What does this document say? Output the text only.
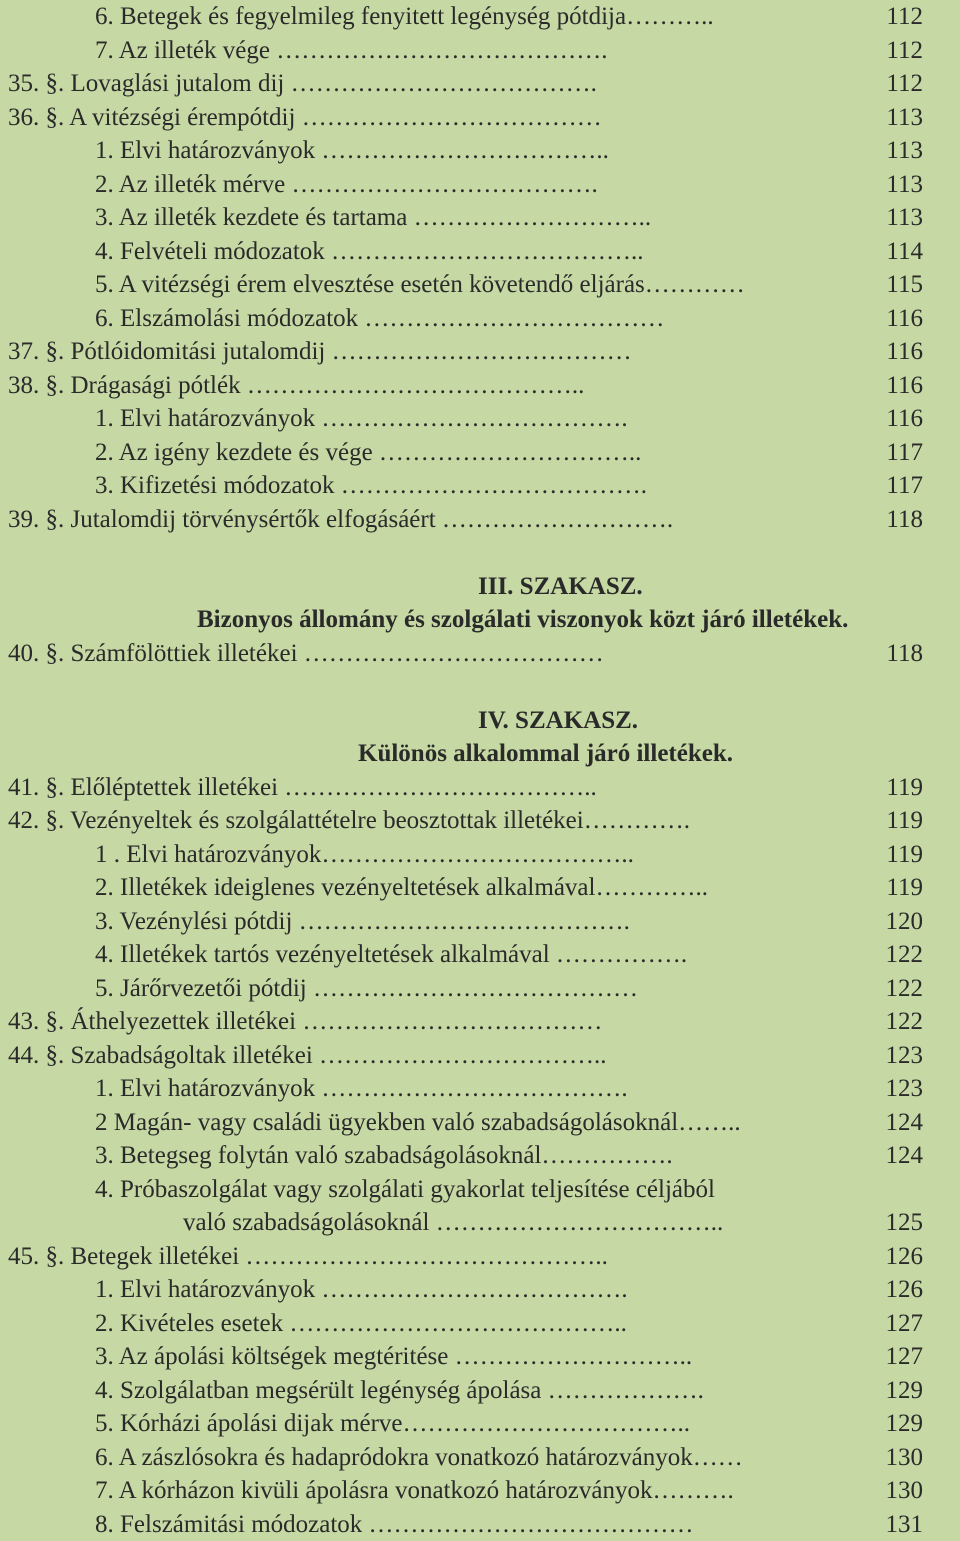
6. Betegek és fegyelmileg fenyitett legénység pótdija………..	112
7. Az illeték vége ………………………………….	112
35. §. Lovaglási jutalom dij ……………………………….	112
36. §. A vitézségi érempótdij ………………………………	113
1. Elvi határozványok ……………………………..	113
2. Az illeték mérve ……………………………….	113
3. Az illeték kezdete és tartama ………………………..	113
4. Felvételi módozatok ………………………………..	114
5. A vitézségi érem elvesztése esetén követendő eljárás…………	115
6. Elszámolási módozatok ………………………………	116
37. §. Pótlóidomitási jutalomdij ………………………………	116
38. §. Drágasági pótlék …………………………………..	116
1. Elvi határozványok ……………………………….	116
2. Az igény kezdete és vége …………………………..	117
3. Kifizetési módozatok ……………………………….	117
39. §. Jutalomdij törvénysértők elfogásáért ……………………….	118
III. SZAKASZ.
Bizonyos állomány és szolgálati viszonyok közt járó illetékek.
40. §. Számfölöttiek illetékei ………………………………	118
IV. SZAKASZ.
Különös alkalommal járó illetékek.
41. §. Előléptettek illetékei ………………………………..	119
42. §. Vezényeltek és szolgálattételre beosztottak illetékei………….	119
1 . Elvi határozványok………………………………..	119
2. Illetékek ideiglenes vezényeltetések alkalmával…………..	119
3. Vezénylési pótdij ………………………………….	120
4. Illetékek tartós vezényeltetések alkalmával …………….	122
5. Járőrvezetői pótdij …………………………………	122
43. §. Áthelyezettek illetékei ………………………………	122
44. §. Szabadságoltak illetékei ……………………………..	123
1. Elvi határozványok ……………………………….	123
2 Magán- vagy családi ügyekben való szabadságolásoknál……..	124
3. Betegseg folytán való szabadságolásoknál…………….	124
4. Próbaszolgálat vagy szolgálati gyakorlat teljesítése céljából
való szabadságolásoknál ……………………………..	125
45. §. Betegek illetékei ……………………………………..	126
1. Elvi határozványok ……………………………….	126
2. Kivételes esetek …………………………………..	127
3. Az ápolási költségek megtéritése ………………………..	127
4. Szolgálatban megsérült legénység ápolása ……………….	129
5. Kórházi ápolási dijak mérve……………………………..	129
6. A zászlósokra és hadapródokra vonatkozó határozványok……	130
7. A kórházon kivüli ápolásra vonatkozó határozványok……….	130
8. Felszámitási módozatok …………………………………	131
